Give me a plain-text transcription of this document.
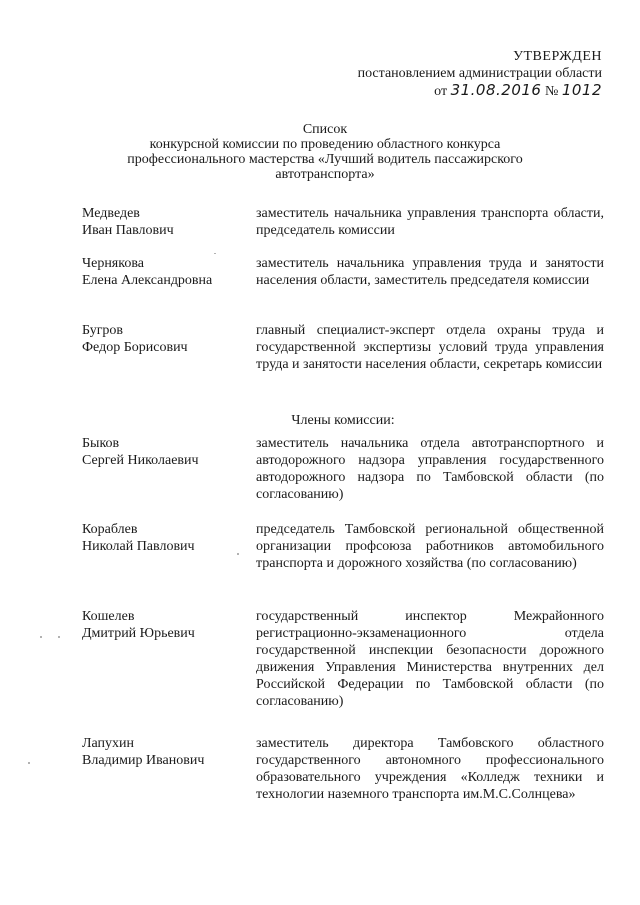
УТВЕРЖДЕН
постановлением администрации области
от 31.08.2016 № 1012
Список
конкурсной комиссии по проведению областного конкурса
профессионального мастерства «Лучший водитель пассажирского
автотранспорта»
Медведев
Иван Павлович
заместитель начальника управления транспорта области, председатель комиссии
Чернякова
Елена Александровна
заместитель начальника управления труда и занятости населения области, заместитель председателя комиссии
Бугров
Федор Борисович
главный специалист-эксперт отдела охраны труда и государственной экспертизы условий труда управления труда и занятости населения области, секретарь комиссии
Члены комиссии:
Быков
Сергей Николаевич
заместитель начальника отдела автотранспортного и автодорожного надзора управления государственного автодорожного надзора по Тамбовской области (по согласованию)
Кораблев
Николай Павлович
председатель Тамбовской региональной общественной организации профсоюза работников автомобильного транспорта и дорожного хозяйства (по согласованию)
Кошелев
Дмитрий Юрьевич
государственный инспектор Межрайонного регистрационно-экзаменационного отдела государственной инспекции безопасности дорожного движения Управления Министерства внутренних дел Российской Федерации по Тамбовской области (по согласованию)
Лапухин
Владимир Иванович
заместитель директора Тамбовского областного государственного автономного профессионального образовательного учреждения «Колледж техники и технологии наземного транспорта им.М.С.Солнцева»
